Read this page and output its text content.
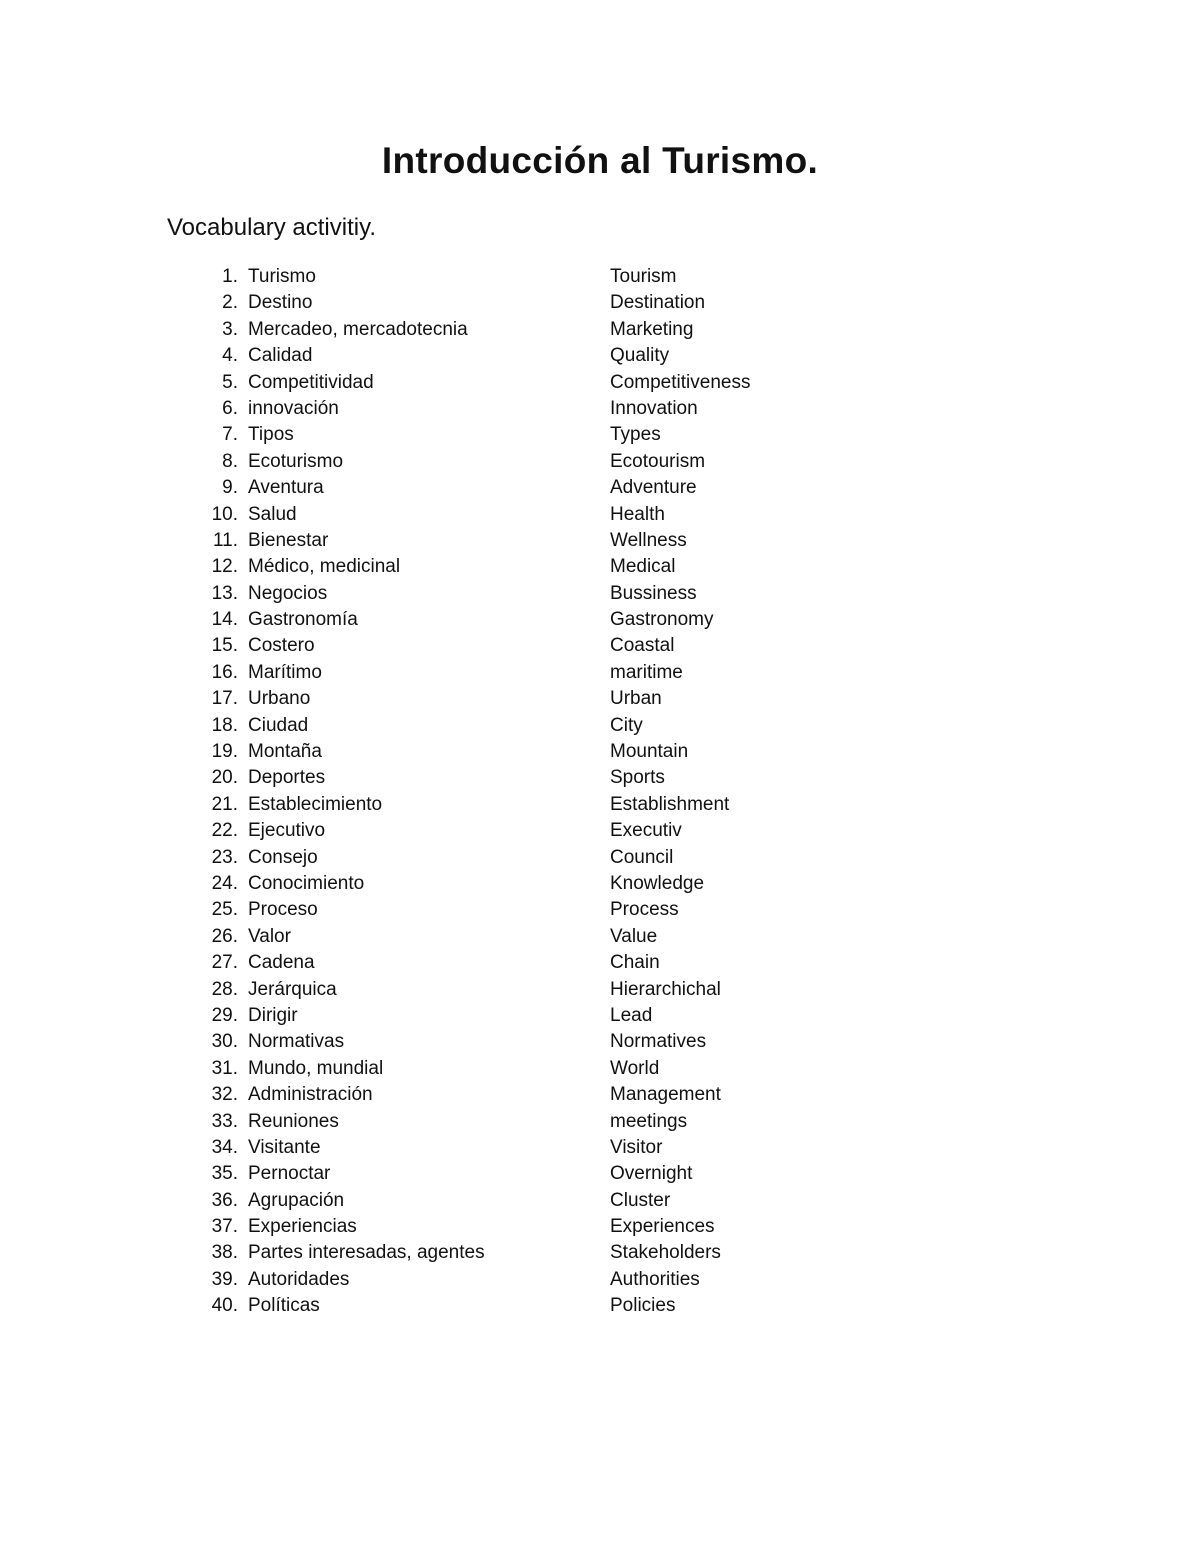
Introducción al Turismo.

Vocabulary activitiy.

1. Turismo	Tourism
2. Destino	Destination
3. Mercadeo, mercadotecnia	Marketing
4. Calidad	Quality
5. Competitividad	Competitiveness
6. innovación	Innovation
7. Tipos	Types
8. Ecoturismo	Ecotourism
9. Aventura	Adventure
10. Salud	Health
11. Bienestar	Wellness
12. Médico, medicinal	Medical
13. Negocios	Bussiness
14. Gastronomía	Gastronomy
15. Costero	Coastal
16. Marítimo	maritime
17. Urbano	Urban
18. Ciudad	City
19. Montaña	Mountain
20. Deportes	Sports
21. Establecimiento	Establishment
22. Ejecutivo	Executiv
23. Consejo	Council
24. Conocimiento	Knowledge
25. Proceso	Process
26. Valor	Value
27. Cadena	Chain
28. Jerárquica	Hierarchichal
29. Dirigir	Lead
30. Normativas	Normatives
31. Mundo, mundial	World
32. Administración	Management
33. Reuniones	meetings
34. Visitante	Visitor
35. Pernoctar	Overnight
36. Agrupación	Cluster
37. Experiencias	Experiences
38. Partes interesadas, agentes	Stakeholders
39. Autoridades	Authorities
40. Políticas	Policies
